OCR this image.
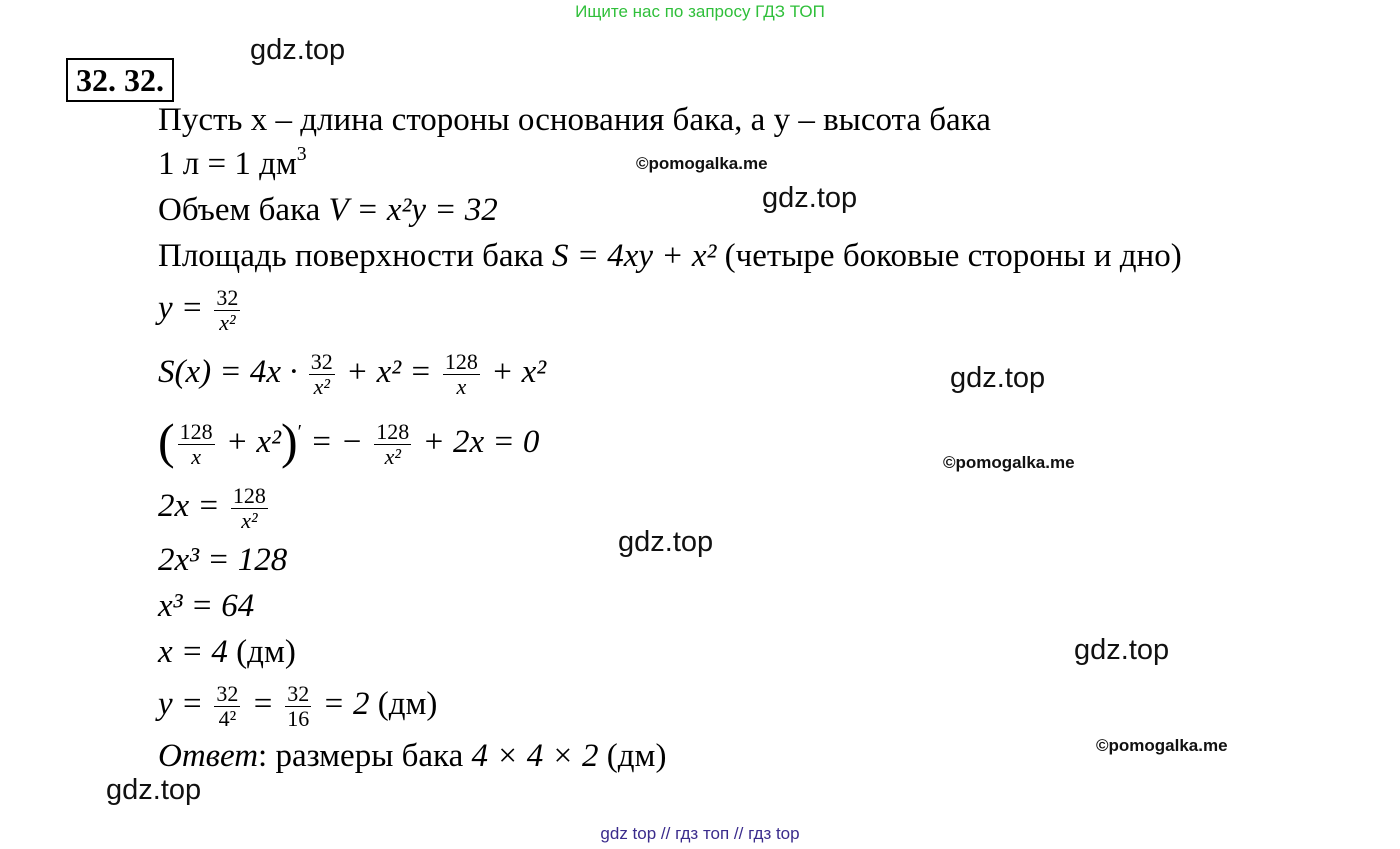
Ищите нас по запросу ГДЗ ТОП
32. 32.
gdz.top
©pomogalka.me
gdz.top
gdz.top
©pomogalka.me
gdz.top
gdz.top
©pomogalka.me
gdz.top
Пусть x – длина стороны основания бака, а y – высота бака
1 л = 1 $дм^3$
Объем бака V = x²y = 32
Площадь поверхности бака S = 4xy + x² (четыре боковые стороны и дно)
$y = \frac{32}{\text{x²}}$
$S(x) = 4x \cdot \frac{32}{\text{x²}} + x^2 = \frac{128}{x} + x^2$
( $\frac{128}{x} + x^2)'$ = − $\frac{128}{\text{x²}} + 2x = 0$
$2x = \frac{128}{\text{x²}}$
2x³ = 128
x³ = 64
x = 4 (дм)
$y = \frac{32}{\text{4²}} = \frac{32}{16} = 2$ (дм)
Ответ: размеры бака 4 × 4 × 2 (дм)
gdz top // гдз топ // гдз top
